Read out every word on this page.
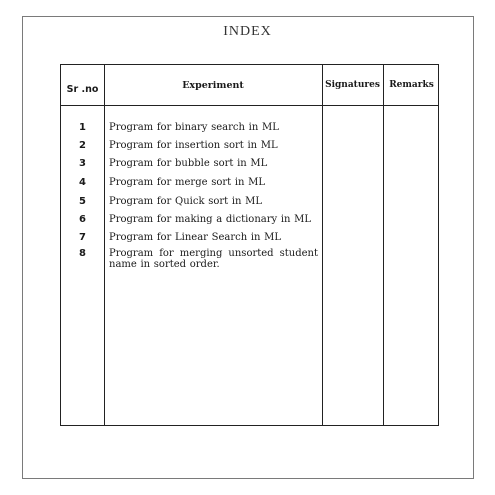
INDEX
Sr .no	Experiment	Signatures	Remarks
1	Program for binary search in ML
2	Program for insertion sort in ML
3	Program for bubble sort in ML
4	Program for merge sort in ML
5	Program for Quick sort in ML
6	Program for making a dictionary in ML
7	Program for Linear Search in ML
8	Program for merging unsorted student name in sorted order.
